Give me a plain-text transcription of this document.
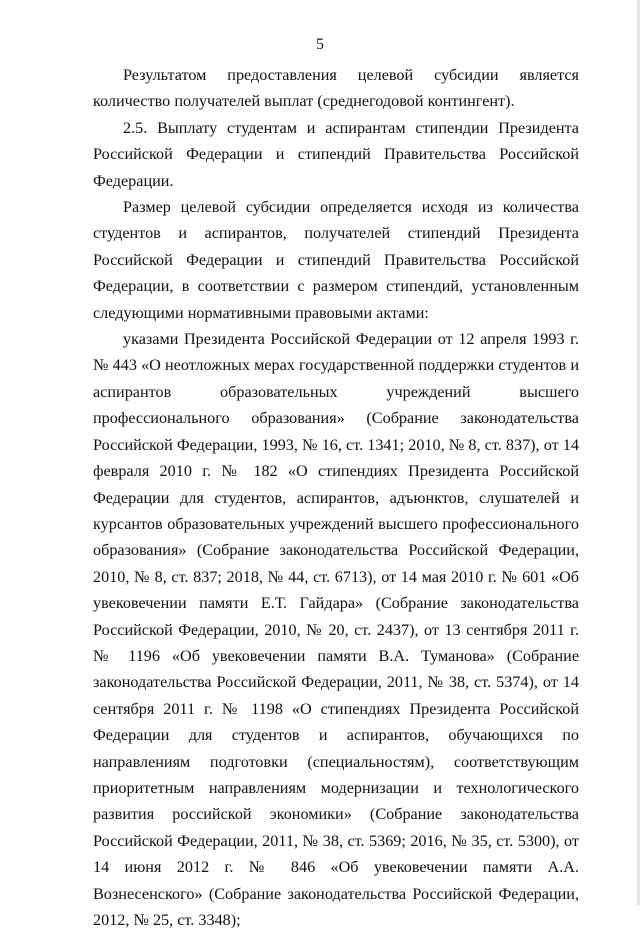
5

Результатом предоставления целевой субсидии является количество получателей выплат (среднегодовой контингент).

2.5. Выплату студентам и аспирантам стипендии Президента Российской Федерации и стипендий Правительства Российской Федерации.

Размер целевой субсидии определяется исходя из количества студентов и аспирантов, получателей стипендий Президента Российской Федерации и стипендий Правительства Российской Федерации, в соответствии с размером стипендий, установленным следующими нормативными правовыми актами:

указами Президента Российской Федерации от 12 апреля 1993 г. № 443 «О неотложных мерах государственной поддержки студентов и аспирантов образовательных учреждений высшего профессионального образования» (Собрание законодательства Российской Федерации, 1993, № 16, ст. 1341; 2010, № 8, ст. 837), от 14 февраля 2010 г. № 182 «О стипендиях Президента Российской Федерации для студентов, аспирантов, адъюнктов, слушателей и курсантов образовательных учреждений высшего профессионального образования» (Собрание законодательства Российской Федерации, 2010, № 8, ст. 837; 2018, № 44, ст. 6713), от 14 мая 2010 г. № 601 «Об увековечении памяти Е.Т. Гайдара» (Собрание законодательства Российской Федерации, 2010, № 20, ст. 2437), от 13 сентября 2011 г. № 1196 «Об увековечении памяти В.А. Туманова» (Собрание законодательства Российской Федерации, 2011, № 38, ст. 5374), от 14 сентября 2011 г. № 1198 «О стипендиях Президента Российской Федерации для студентов и аспирантов, обучающихся по направлениям подготовки (специальностям), соответствующим приоритетным направлениям модернизации и технологического развития российской экономики» (Собрание законодательства Российской Федерации, 2011, № 38, ст. 5369; 2016, № 35, ст. 5300), от 14 июня 2012 г. № 846 «Об увековечении памяти А.А. Вознесенского» (Собрание законодательства Российской Федерации, 2012, № 25, ст. 3348);
